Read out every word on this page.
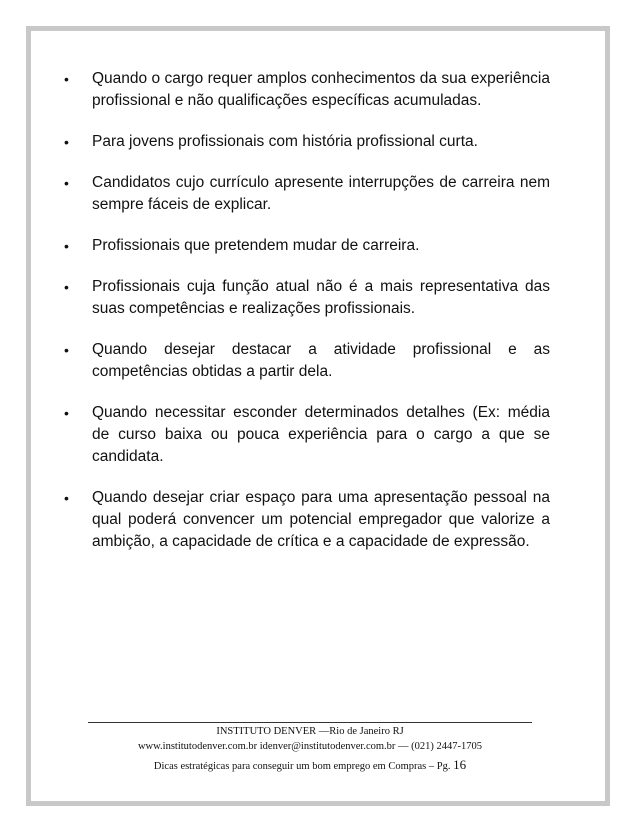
• Quando o cargo requer amplos conhecimentos da sua experiência profissional e não qualificações específicas acumuladas.
• Para jovens profissionais com história profissional curta.
• Candidatos cujo currículo apresente interrupções de carreira nem sempre fáceis de explicar.
• Profissionais que pretendem mudar de carreira.
• Profissionais cuja função atual não é a mais representativa das suas competências e realizações profissionais.
• Quando desejar destacar a atividade profissional e as competências obtidas a partir dela.
• Quando necessitar esconder determinados detalhes (Ex: média de curso baixa ou pouca experiência para o cargo a que se candidata.
• Quando desejar criar espaço para uma apresentação pessoal na qual poderá convencer um potencial empregador que valorize a ambição, a capacidade de crítica e a capacidade de expressão.
INSTITUTO DENVER —Rio de Janeiro RJ
www.institutodenver.com.br idenver@institutodenver.com.br — (021) 2447-1705
Dicas estratégicas para conseguir um bom emprego em Compras – Pg. 16
